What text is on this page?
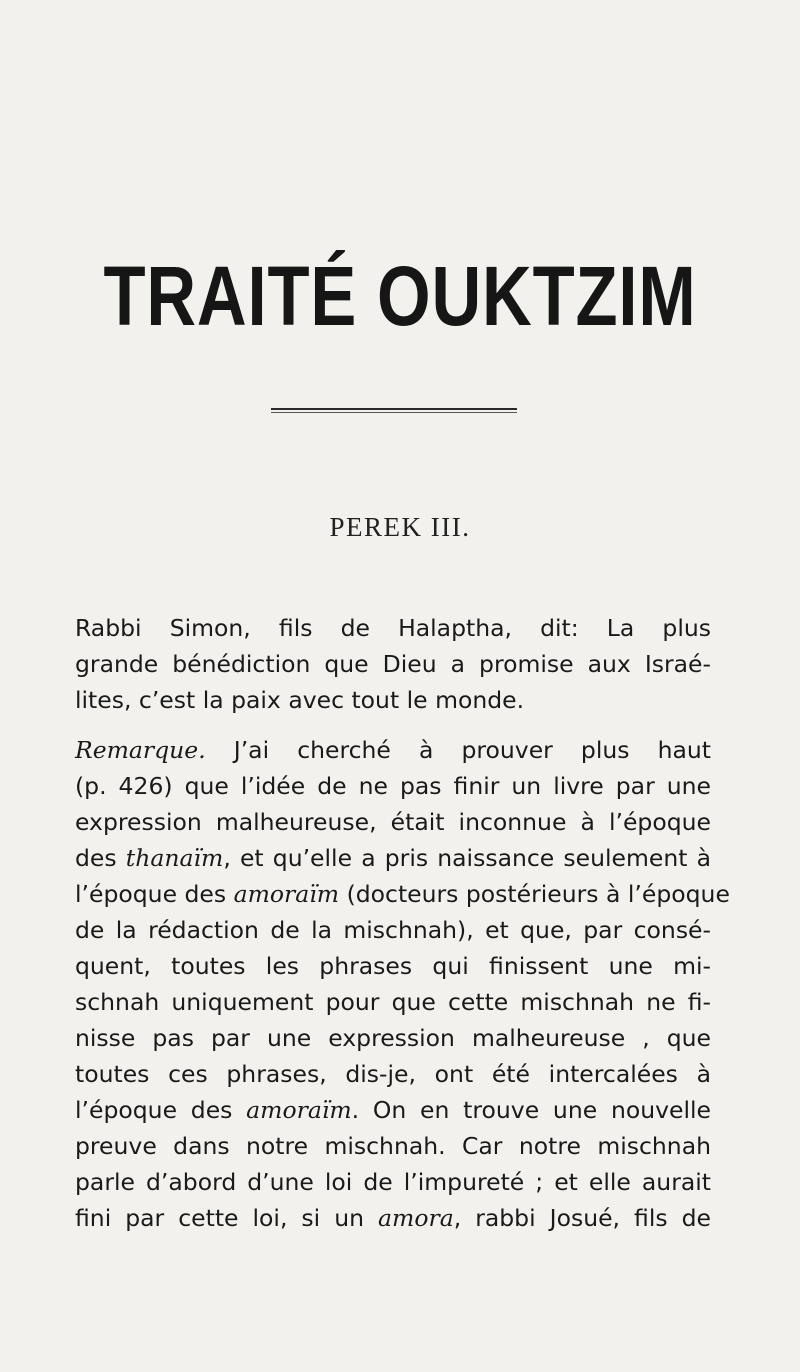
TRAITÉ OUKTZIM
PEREK III.
Rabbi Simon, fils de Halaptha, dit: La plus
grande bénédiction que Dieu a promise aux Israé-
lites, c’est la paix avec tout le monde.
Remarque. J’ai cherché à prouver plus haut
(p. 426) que l’idée de ne pas finir un livre par une
expression malheureuse, était inconnue à l’époque
des thanaïm, et qu’elle a pris naissance seulement à
l’époque des amoraïm (docteurs postérieurs à l’époque
de la rédaction de la mischnah), et que, par consé-
quent, toutes les phrases qui finissent une mi-
schnah uniquement pour que cette mischnah ne fi-
nisse pas par une expression malheureuse , que
toutes ces phrases, dis-je, ont été intercalées à
l’époque des amoraïm. On en trouve une nouvelle
preuve dans notre mischnah. Car notre mischnah
parle d’abord d’une loi de l’impureté ; et elle aurait
fini par cette loi, si un amora, rabbi Josué, fils de
